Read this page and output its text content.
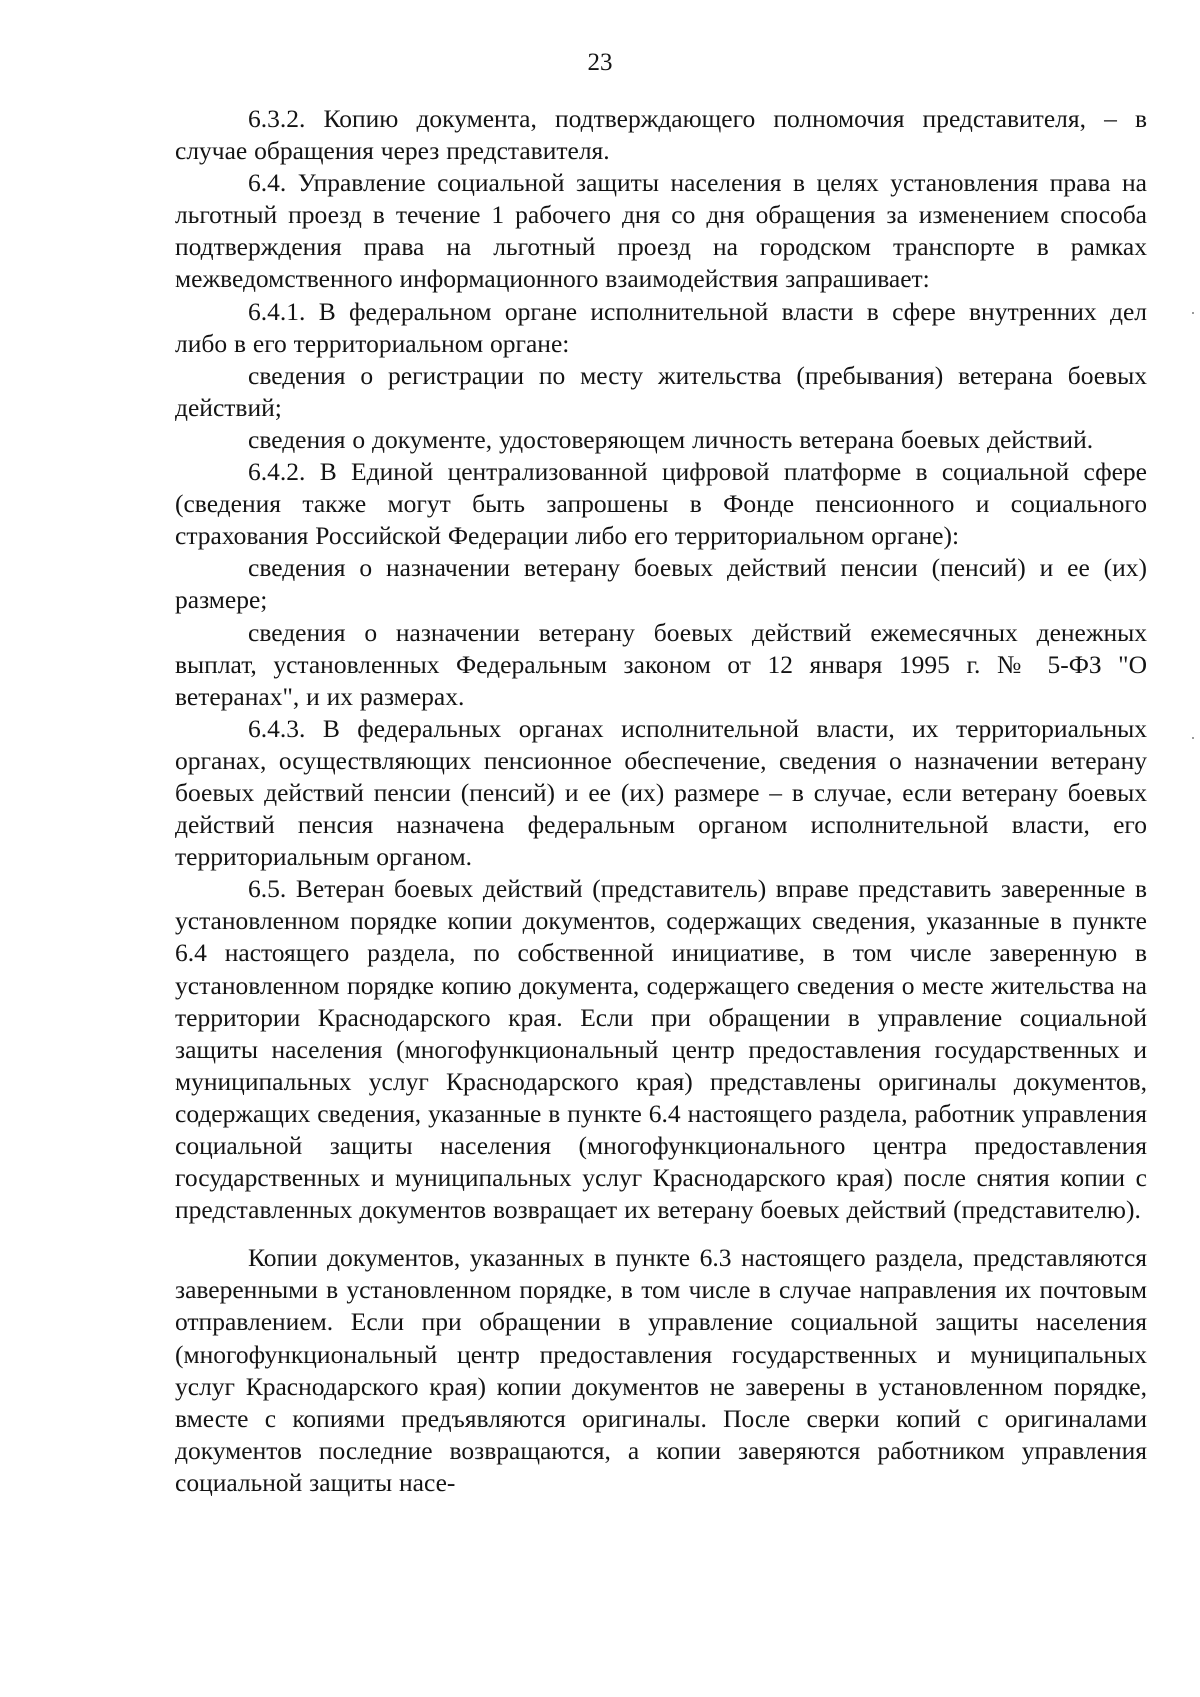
23

6.3.2. Копию документа, подтверждающего полномочия представителя, – в случае обращения через представителя.

6.4. Управление социальной защиты населения в целях установления права на льготный проезд в течение 1 рабочего дня со дня обращения за изменением способа подтверждения права на льготный проезд на городском транспорте в рамках межведомственного информационного взаимодействия запрашивает:

6.4.1. В федеральном органе исполнительной власти в сфере внутренних дел либо в его территориальном органе:

сведения о регистрации по месту жительства (пребывания) ветерана боевых действий;

сведения о документе, удостоверяющем личность ветерана боевых действий.

6.4.2. В Единой централизованной цифровой платформе в социальной сфере (сведения также могут быть запрошены в Фонде пенсионного и социального страхования Российской Федерации либо его территориальном органе):

сведения о назначении ветерану боевых действий пенсии (пенсий) и ее (их) размере;

сведения о назначении ветерану боевых действий ежемесячных денежных выплат, установленных Федеральным законом от 12 января 1995 г. № 5-ФЗ "О ветеранах", и их размерах.

6.4.3. В федеральных органах исполнительной власти, их территориальных органах, осуществляющих пенсионное обеспечение, сведения о назначении ветерану боевых действий пенсии (пенсий) и ее (их) размере – в случае, если ветерану боевых действий пенсия назначена федеральным органом исполнительной власти, его территориальным органом.

6.5. Ветеран боевых действий (представитель) вправе представить заверенные в установленном порядке копии документов, содержащих сведения, указанные в пункте 6.4 настоящего раздела, по собственной инициативе, в том числе заверенную в установленном порядке копию документа, содержащего сведения о месте жительства на территории Краснодарского края. Если при обращении в управление социальной защиты населения (многофункциональный центр предоставления государственных и муниципальных услуг Краснодарского края) представлены оригиналы документов, содержащих сведения, указанные в пункте 6.4 настоящего раздела, работник управления социальной защиты населения (многофункционального центра предоставления государственных и муниципальных услуг Краснодарского края) после снятия копии с представленных документов возвращает их ветерану боевых действий (представителю).

Копии документов, указанных в пункте 6.3 настоящего раздела, представляются заверенными в установленном порядке, в том числе в случае направления их почтовым отправлением. Если при обращении в управление социальной защиты населения (многофункциональный центр предоставления государственных и муниципальных услуг Краснодарского края) копии документов не заверены в установленном порядке, вместе с копиями предъявляются оригиналы. После сверки копий с оригиналами документов последние возвращаются, а копии заверяются работником управления социальной защиты насе-
